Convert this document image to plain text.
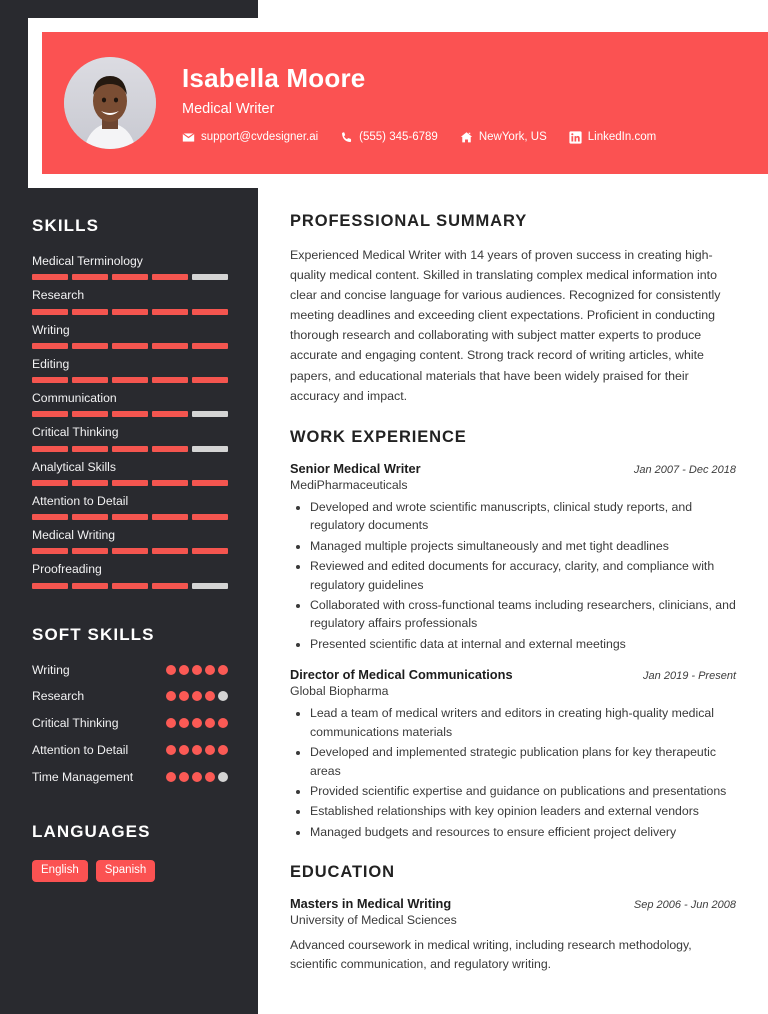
Isabella Moore
Medical Writer
support@cvdesigner.ai	(555) 345-6789	NewYork, US	LinkedIn.com
SKILLS
Medical Terminology
Research
Writing
Editing
Communication
Critical Thinking
Analytical Skills
Attention to Detail
Medical Writing
Proofreading
SOFT SKILLS
Writing
Research
Critical Thinking
Attention to Detail
Time Management
LANGUAGES
English	Spanish
PROFESSIONAL SUMMARY

Experienced Medical Writer with 14 years of proven success in creating high-quality medical content. Skilled in translating complex medical information into clear and concise language for various audiences. Recognized for consistently meeting deadlines and exceeding client expectations. Proficient in conducting thorough research and collaborating with subject matter experts to produce accurate and engaging content. Strong track record of writing articles, white papers, and educational materials that have been widely praised for their accuracy and impact.

WORK EXPERIENCE
Senior Medical Writer	Jan 2007 - Dec 2018
MediPharmaceuticals
• Developed and wrote scientific manuscripts, clinical study reports, and regulatory documents
• Managed multiple projects simultaneously and met tight deadlines
• Reviewed and edited documents for accuracy, clarity, and compliance with regulatory guidelines
• Collaborated with cross-functional teams including researchers, clinicians, and regulatory affairs professionals
• Presented scientific data at internal and external meetings
Director of Medical Communications	Jan 2019 - Present
Global Biopharma
• Lead a team of medical writers and editors in creating high-quality medical communications materials
• Developed and implemented strategic publication plans for key therapeutic areas
• Provided scientific expertise and guidance on publications and presentations
• Established relationships with key opinion leaders and external vendors
• Managed budgets and resources to ensure efficient project delivery
EDUCATION
Masters in Medical Writing	Sep 2006 - Jun 2008
University of Medical Sciences
Advanced coursework in medical writing, including research methodology, scientific communication, and regulatory writing.
